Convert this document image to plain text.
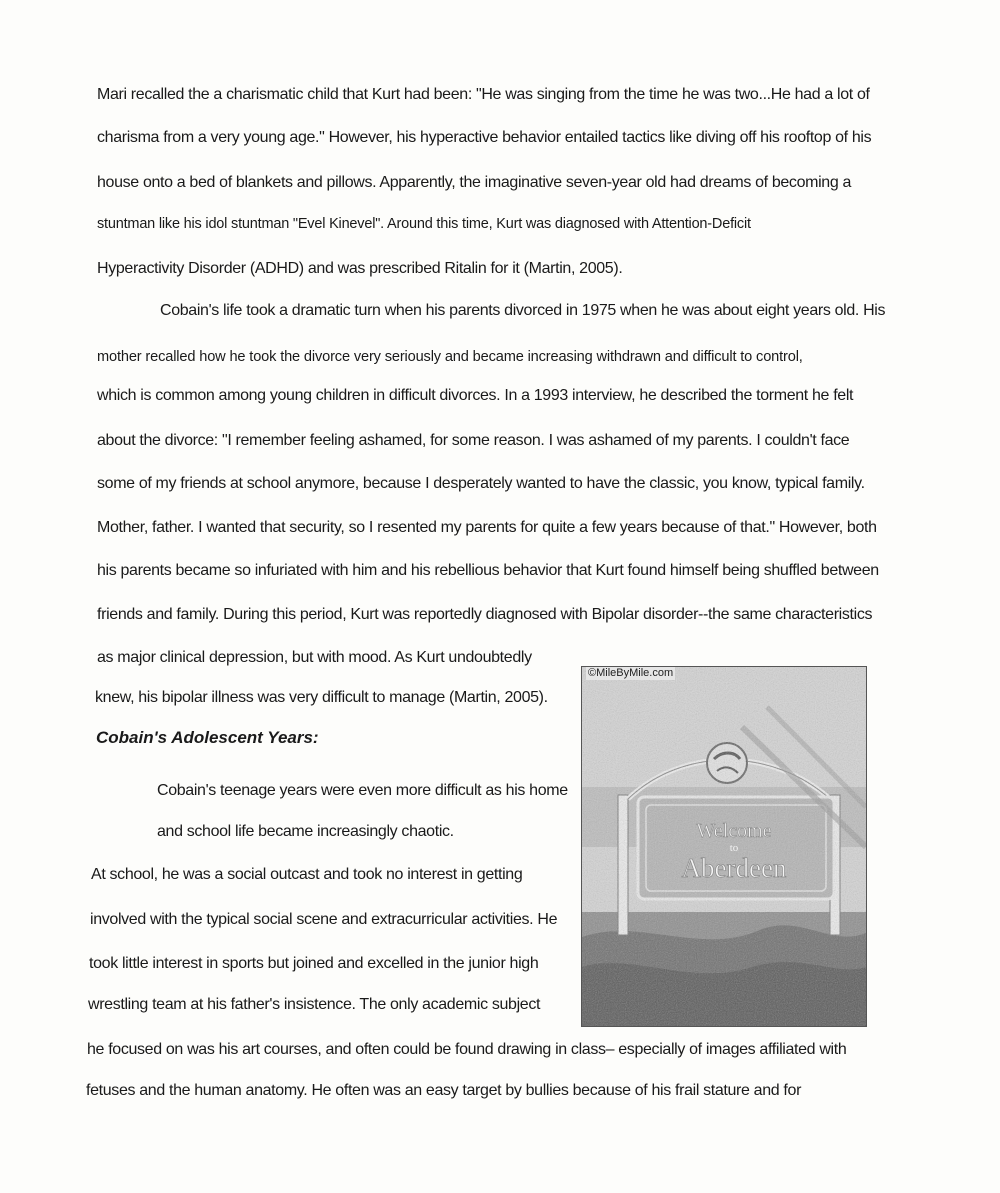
Mari recalled the a charismatic child that Kurt had been: "He was singing from the time he was two...He had a lot of
charisma from a very young age." However, his hyperactive behavior entailed tactics like diving off his rooftop of his
house onto a bed of blankets and pillows. Apparently, the imaginative seven-year old had dreams of becoming a
stuntman like his idol stuntman "Evel Kinevel". Around this time, Kurt was diagnosed with Attention-Deficit
Hyperactivity Disorder (ADHD) and was prescribed Ritalin for it (Martin, 2005).
Cobain's life took a dramatic turn when his parents divorced in 1975 when he was about eight years old. His
mother recalled how he took the divorce very seriously and became increasing withdrawn and difficult to control,
which is common among young children in difficult divorces. In a 1993 interview, he described the torment he felt
about the divorce: "I remember feeling ashamed, for some reason. I was ashamed of my parents. I couldn't face
some of my friends at school anymore, because I desperately wanted to have the classic, you know, typical family.
Mother, father. I wanted that security, so I resented my parents for quite a few years because of that." However, both
his parents became so infuriated with him and his rebellious behavior that Kurt found himself being shuffled between
friends and family. During this period, Kurt was reportedly diagnosed with Bipolar disorder--the same characteristics
as major clinical depression, but with mood. As Kurt undoubtedly
knew, his bipolar illness was very difficult to manage (Martin, 2005).
Cobain's Adolescent Years:
Cobain's teenage years were even more difficult as his home
and school life became increasingly chaotic.
At school, he was a social outcast and took no interest in getting
involved with the typical social scene and extracurricular activities. He
took little interest in sports but joined and excelled in the junior high
wrestling team at his father's insistence. The only academic subject
he focused on was his art courses, and often could be found drawing in class– especially of images affiliated with
fetuses and the human anatomy. He often was an easy target by bullies because of his frail stature and for
Welcome
to
Aberdeen
©MileByMile.com
